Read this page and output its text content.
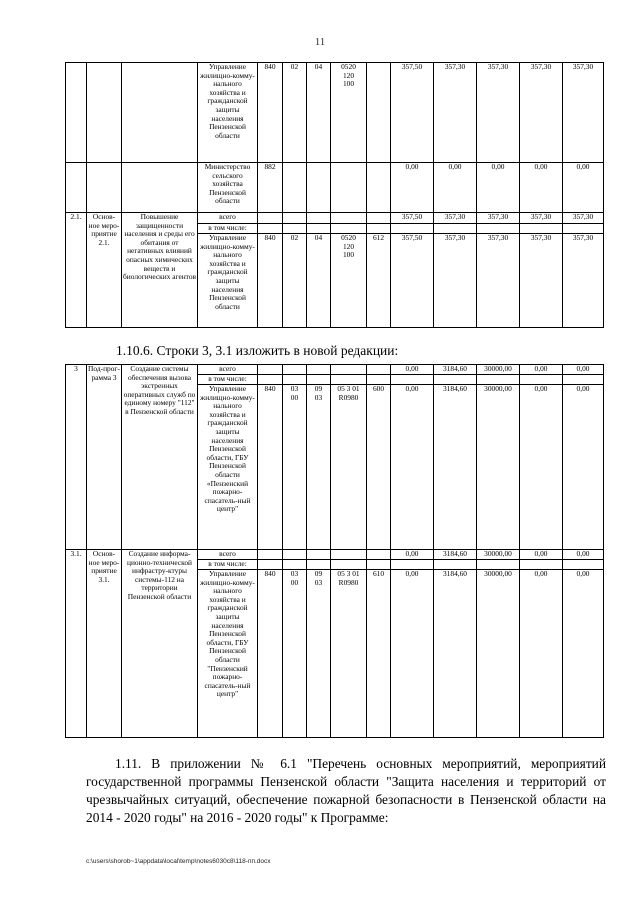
11
			Управление жилищно-комму-нального хозяйства и гражданской защиты населения Пензенской области	840	02	04	0520
120
100		357,50	357,30	357,30	357,30	357,30
			Министерство сельского хозяйства Пензенской области	882					0,00	0,00	0,00	0,00	0,00
2.1.	Основ-ное меро-приятие 2.1.	Повышение защищенности населения и среды его обитания от негативных влияний опасных химических веществ и биологических агентов	всего						357,50	357,30	357,30	357,30	357,30
			в том числе:										
			Управление жилищно-комму-нального хозяйства и гражданской защиты населения Пензенской области	840	02	04	0520
120
100	612	357,50	357,30	357,30	357,30	357,30
1.10.6. Строки 3, 3.1 изложить в новой редакции:
3	Под-прог-рамма 3	Создание системы обеспечения вызова экстренных оперативных служб по единому номеру "112" в Пензенской области	всего						0,00	3184,60	30000,00	0,00	0,00
			в том числе:										
			Управление жилищно-комму-нального хозяйства и гражданской защиты населения Пензенской области, ГБУ Пензенской области «Пензенский пожарно-спасатель-ный центр"	840	03
00	09
03	05 3 01
R0980	600	0,00	3184,60	30000,00	0,00	0,00
3.1.	Основ-ное меро-приятие 3.1.	Создание информа-ционно-технической инфрастру-ктуры системы-112 на территории Пензенской области	всего						0,00	3184,60	30000,00	0,00	0,00
			в том числе:										
			Управление жилищно-комму-нального хозяйства и гражданской защиты населения Пензенской области, ГБУ Пензенской области "Пензенский пожарно-спасатель-ный центр"	840	03
00	09
03	05 3 01
R0980	610	0,00	3184,60	30000,00	0,00	0,00
1.11. В приложении № 6.1 "Перечень основных мероприятий, мероприятий государственной программы Пензенской области "Защита населения и территорий от чрезвычайных ситуаций, обеспечение пожарной безопасности в Пензенской области на 2014 - 2020 годы" на 2016 - 2020 годы" к Программе:
c:\users\shorob~1\appdata\local\temp\notes6030c8\118-пп.docx
